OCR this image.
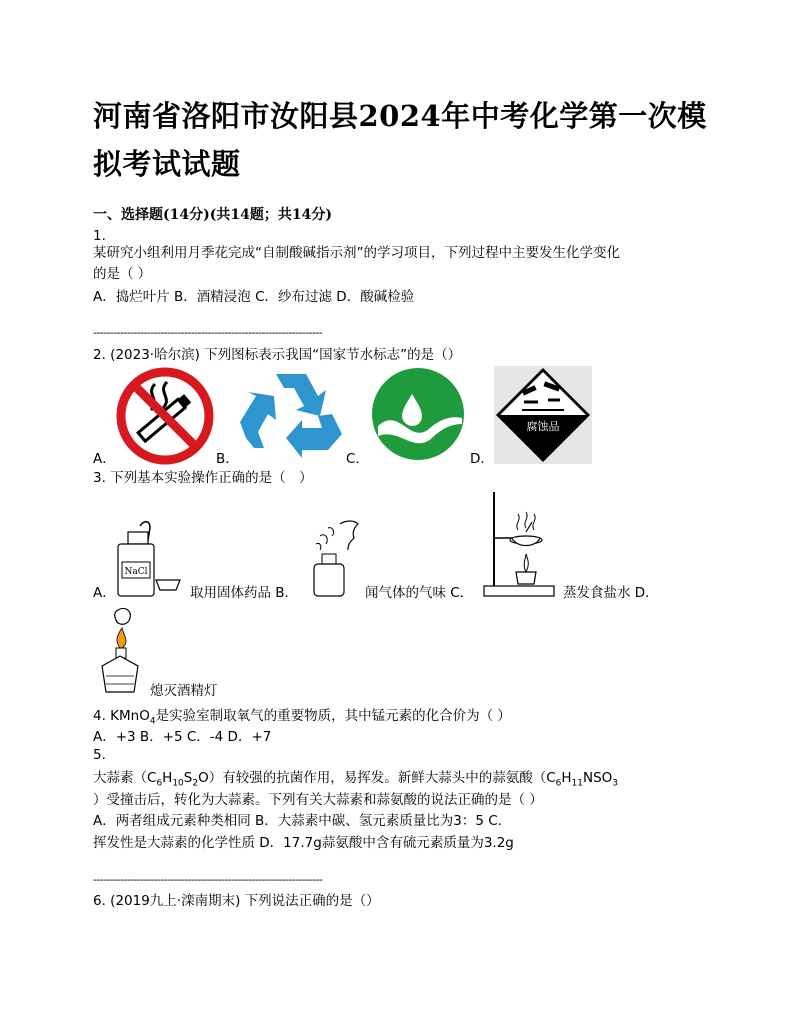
河南省洛阳市汝阳县2024年中考化学第一次模拟考试试题
一、选择题(14分)(共14题；共14分)
1.
某研究小组利用月季花完成“自制酸碱指示剂”的学习项目，下列过程中主要发生化学变化
的是（ ）
A．捣烂叶片 B．酒精浸泡 C．纱布过滤 D．酸碱检验
--------------------------------------------------------------------
2. (2023·哈尔滨) 下列图标表示我国“国家节水标志”的是（）
A．	B．	C．
腐蚀品
D．
3. 下列基本实验操作正确的是（　）
NaCl
A．	取用固体药品 B．	闻气体的气味 C．	蒸发食盐水 D．
熄灭酒精灯
4. KMnO$_4$是实验室制取氧气的重要物质，其中锰元素的化合价为（ ）
A．+3 B．+5 C．-4 D．+7
5.
大蒜素$(C_6H_{10}S_2O)$有较强的抗菌作用，易挥发。新鲜大蒜头中的蒜氨酸（$C_6H_{11}NSO_3$
）受撞击后，转化为大蒜素。下列有关大蒜素和蒜氨酸的说法正确的是（ ）
A．两者组成元素种类相同 B．大蒜素中碳、氢元素质量比为3：5 C．
挥发性是大蒜素的化学性质 D．17.7g蒜氨酸中含有硫元素质量为3.2g
--------------------------------------------------------------------
6. (2019九上·滦南期末) 下列说法正确的是（）
